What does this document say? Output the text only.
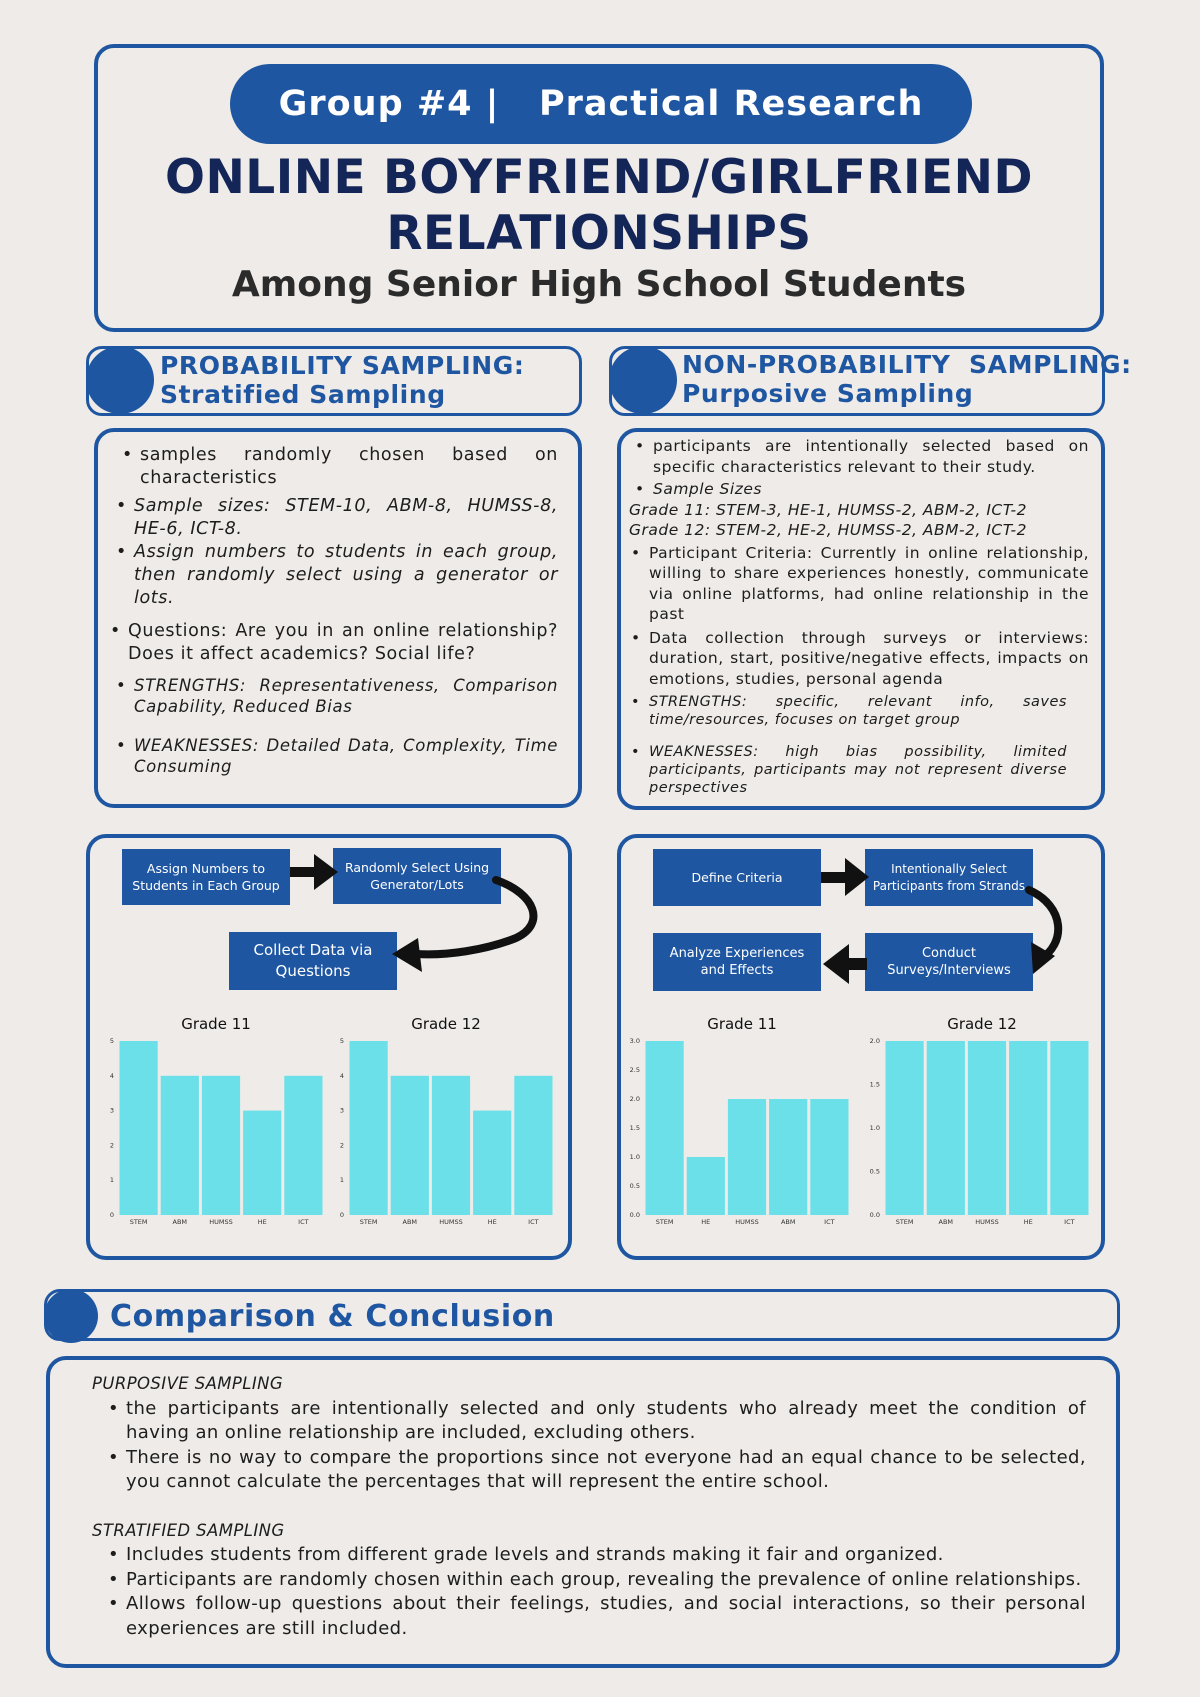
Group #4 |   Practical Research
ONLINE BOYFRIEND/GIRLFRIEND
RELATIONSHIPS
Among Senior High School Students
PROBABILITY SAMPLING:
Stratified Sampling
NON-PROBABILITY  SAMPLING:
Purposive Sampling
• samples randomly chosen based on characteristics
• Sample sizes: STEM-10, ABM-8, HUMSS-8, HE-6, ICT-8.
• Assign numbers to students in each group, then randomly select using a generator or lots.
• Questions: Are you in an online relationship? Does it affect academics? Social life?
• STRENGTHS: Representativeness, Comparison Capability, Reduced Bias
• WEAKNESSES: Detailed Data, Complexity, Time Consuming
• participants are intentionally selected based on specific characteristics relevant to their study.
• Sample Sizes
Grade 11: STEM-3, HE-1, HUMSS-2, ABM-2, ICT-2
Grade 12: STEM-2, HE-2, HUMSS-2, ABM-2, ICT-2
• Participant Criteria: Currently in online relationship, willing to share experiences honestly, communicate via online platforms, had online relationship in the past
• Data collection through surveys or interviews: duration, start, positive/negative effects, impacts on emotions, studies, personal agenda
• STRENGTHS: specific, relevant info, saves time/resources, focuses on target group
• WEAKNESSES: high bias possibility, limited participants, participants may not represent diverse perspectives
Assign Numbers to Students in Each Group
Randomly Select Using Generator/Lots
Collect Data via Questions
Define Criteria
Intentionally Select Participants from Strands
Conduct Surveys/Interviews
Analyze Experiences and Effects
Grade 11
0
1
2
3
4
5
STEM	ABM	HUMSS	HE	ICT
Grade 12
0
1
2
3
4
5
STEM	ABM	HUMSS	HE	ICT
Grade 11
0.0
0.5
1.0
1.5
2.0
2.5
3.0
STEM	HE	HUMSS	ABM	ICT
Grade 12
0.0
0.5
1.0
1.5
2.0
STEM	ABM	HUMSS	HE	ICT
Comparison & Conclusion
PURPOSIVE SAMPLING
• the participants are intentionally selected and only students who already meet the condition of having an online relationship are included, excluding others.
• There is no way to compare the proportions since not everyone had an equal chance to be selected, you cannot calculate the percentages that will represent the entire school.
STRATIFIED SAMPLING
• Includes students from different grade levels and strands making it fair and organized.
• Participants are randomly chosen within each group, revealing the prevalence of online relationships.
• Allows follow-up questions about their feelings, studies, and social interactions, so their personal experiences are still included.
